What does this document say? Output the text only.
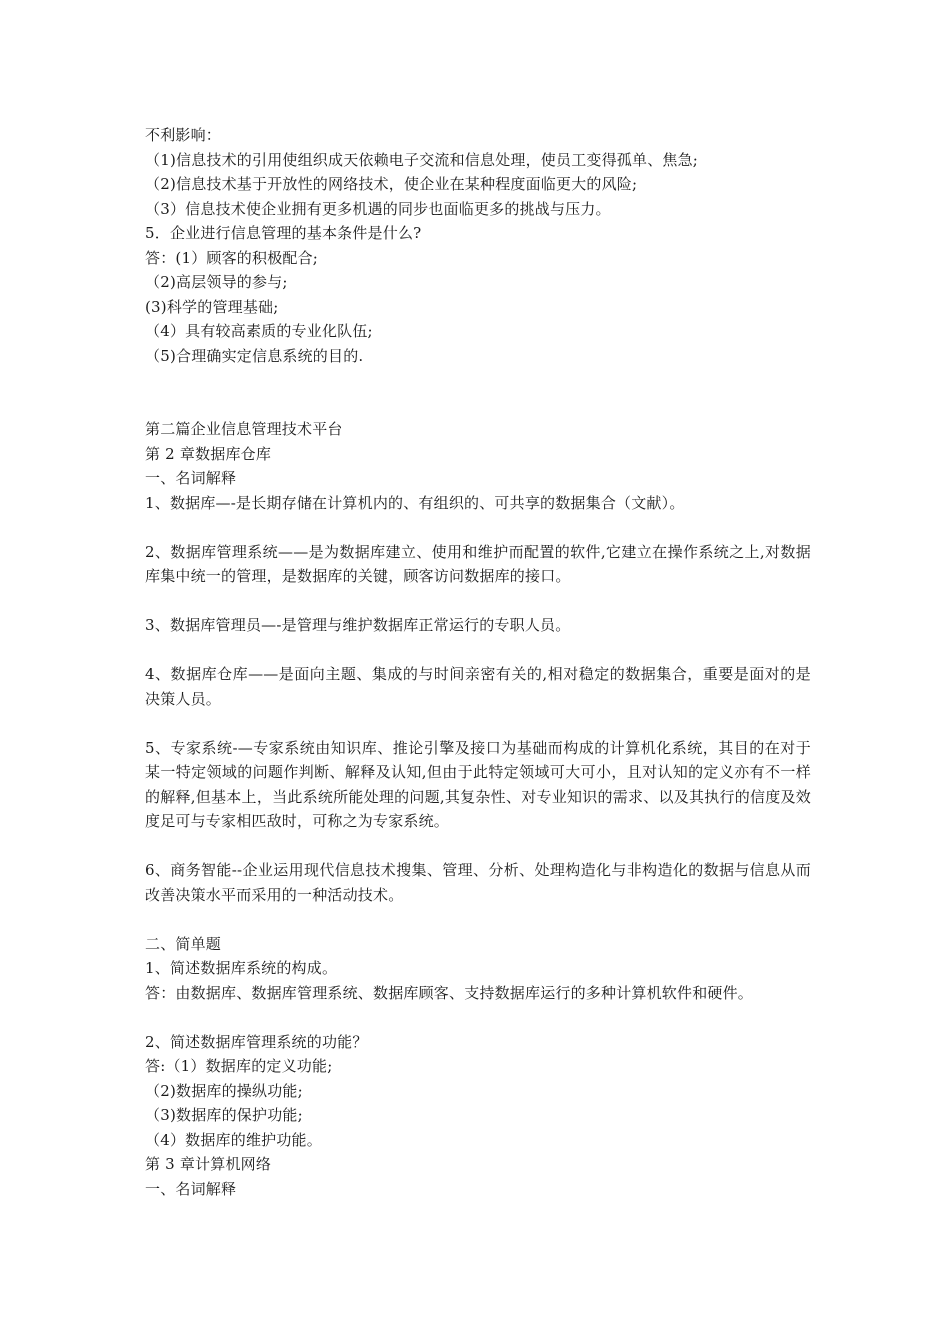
不利影响：
（1)信息技术的引用使组织成天依赖电子交流和信息处理，使员工变得孤单、焦急;
（2)信息技术基于开放性的网络技术，使企业在某种程度面临更大的风险;
（3）信息技术使企业拥有更多机遇的同步也面临更多的挑战与压力。
5．企业进行信息管理的基本条件是什么?
答：(1）顾客的积极配合;
（2)高层领导的参与;
(3)科学的管理基础;
（4）具有较高素质的专业化队伍;
（5)合理确实定信息系统的目的.
第二篇企业信息管理技术平台
第 2 章数据库仓库
一、名词解释
1、数据库—-是长期存储在计算机内的、有组织的、可共享的数据集合（文献）。
2、数据库管理系统——是为数据库建立、使用和维护而配置的软件,它建立在操作系统之上,对数据库集中统一的管理，是数据库的关键，顾客访问数据库的接口。
3、数据库管理员—-是管理与维护数据库正常运行的专职人员。
4、数据库仓库——是面向主题、集成的与时间亲密有关的,相对稳定的数据集合，重要是面对的是决策人员。
5、专家系统-—专家系统由知识库、推论引擎及接口为基础而构成的计算机化系统，其目的在对于某一特定领域的问题作判断、解释及认知,但由于此特定领域可大可小，且对认知的定义亦有不一样的解释,但基本上，当此系统所能处理的问题,其复杂性、对专业知识的需求、以及其执行的信度及效度足可与专家相匹敌时，可称之为专家系统。
6、商务智能--企业运用现代信息技术搜集、管理、分析、处理构造化与非构造化的数据与信息从而改善决策水平而采用的一种活动技术。
二、简单题
1、简述数据库系统的构成。
答：由数据库、数据库管理系统、数据库顾客、支持数据库运行的多种计算机软件和硬件。
2、简述数据库管理系统的功能？
答:（1）数据库的定义功能;
（2)数据库的操纵功能;
（3)数据库的保护功能;
（4）数据库的维护功能。
第 3 章计算机网络
一、名词解释
